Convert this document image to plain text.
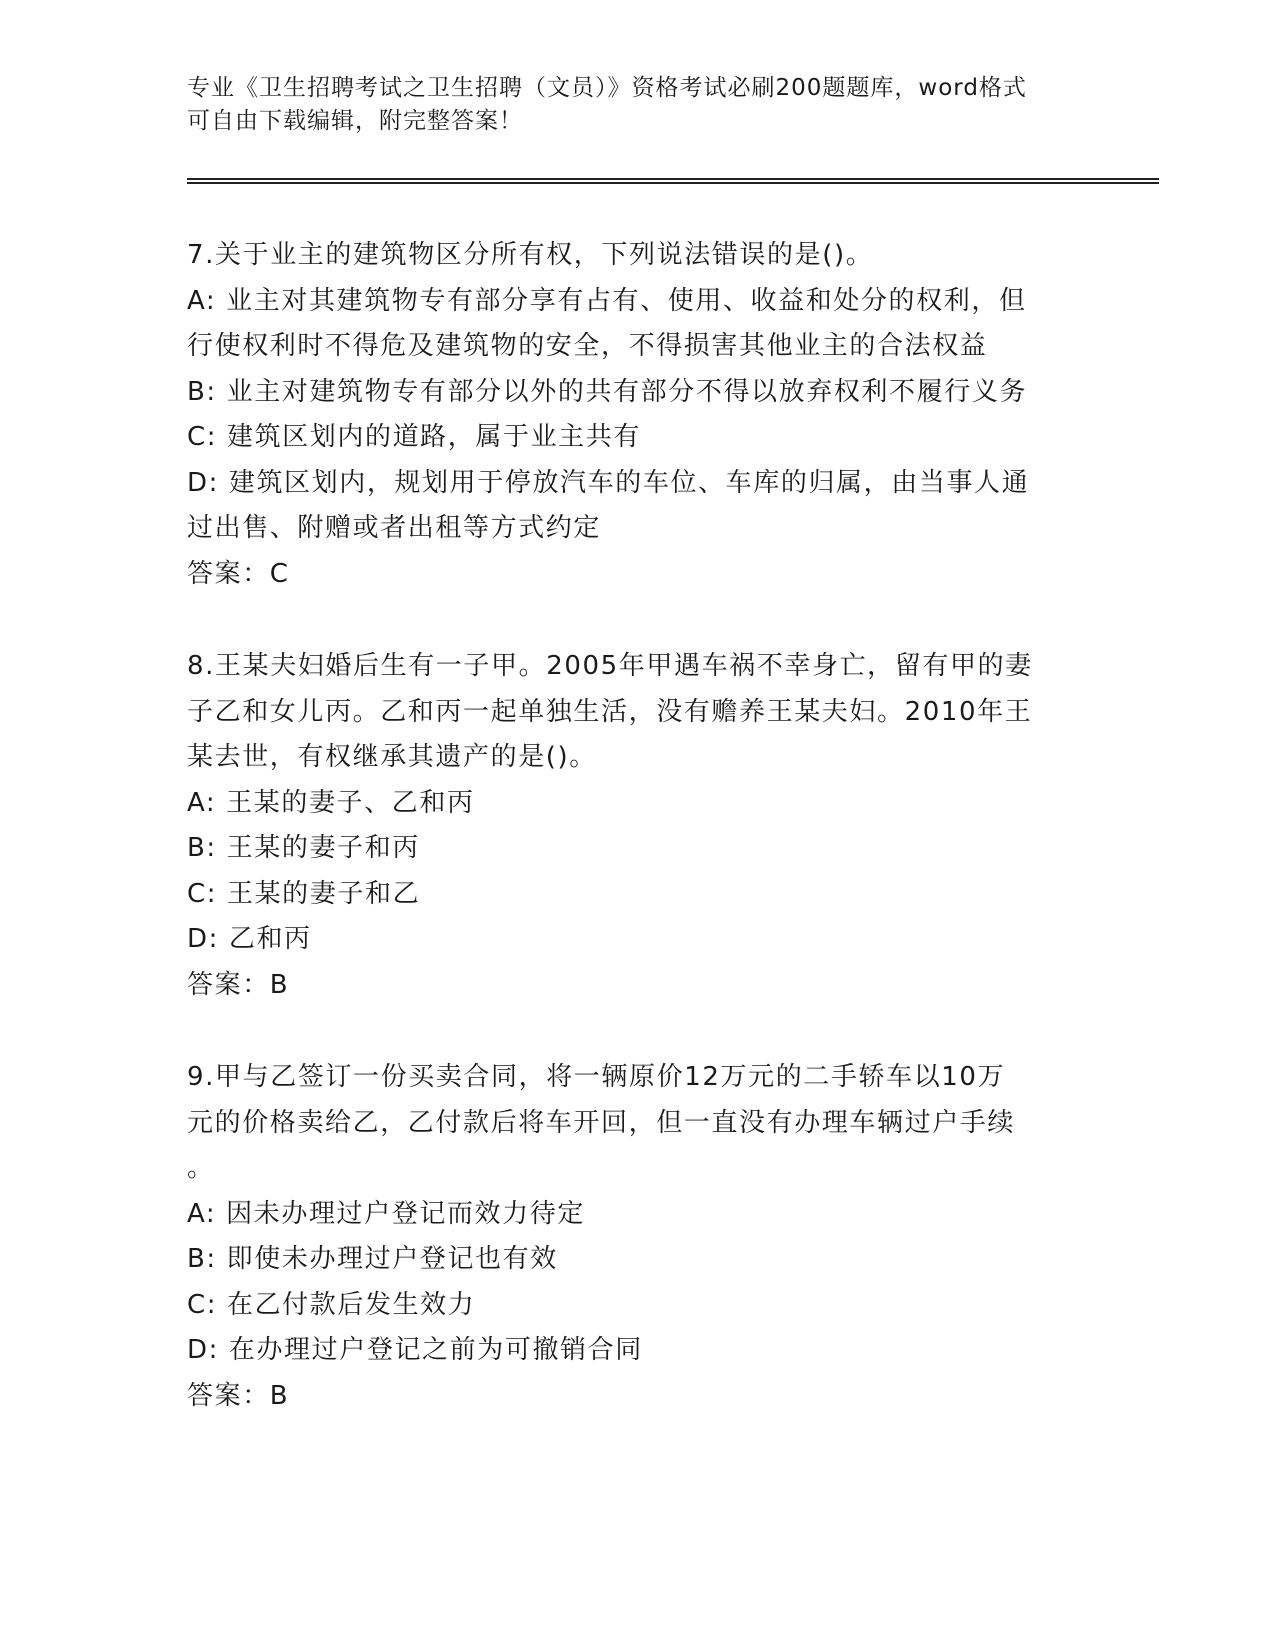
专业《卫生招聘考试之卫生招聘（文员）》资格考试必刷200题题库，word格式
可自由下载编辑，附完整答案！
7.关于业主的建筑物区分所有权，下列说法错误的是()。
A: 业主对其建筑物专有部分享有占有、使用、收益和处分的权利，但
行使权利时不得危及建筑物的安全，不得损害其他业主的合法权益
B: 业主对建筑物专有部分以外的共有部分不得以放弃权利不履行义务
C: 建筑区划内的道路，属于业主共有
D: 建筑区划内，规划用于停放汽车的车位、车库的归属，由当事人通
过出售、附赠或者出租等方式约定
答案：C
8.王某夫妇婚后生有一子甲。2005年甲遇车祸不幸身亡，留有甲的妻
子乙和女儿丙。乙和丙一起单独生活，没有赡养王某夫妇。2010年王
某去世，有权继承其遗产的是()。
A: 王某的妻子、乙和丙
B: 王某的妻子和丙
C: 王某的妻子和乙
D: 乙和丙
答案：B
9.甲与乙签订一份买卖合同，将一辆原价12万元的二手轿车以10万
元的价格卖给乙，乙付款后将车开回，但一直没有办理车辆过户手续
。
A: 因未办理过户登记而效力待定
B: 即使未办理过户登记也有效
C: 在乙付款后发生效力
D: 在办理过户登记之前为可撤销合同
答案：B
